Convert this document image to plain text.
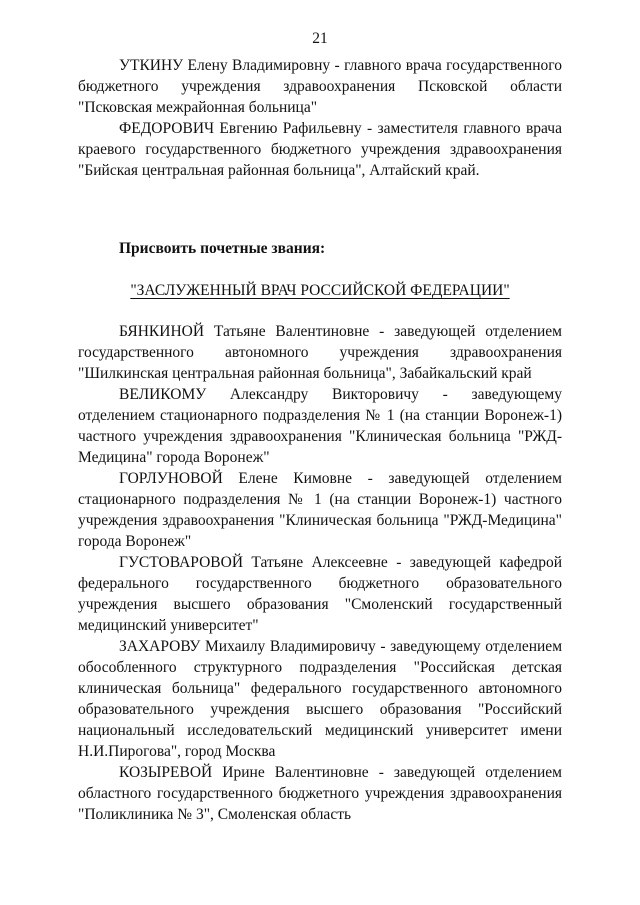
21

УТКИНУ Елену Владимировну - главного врача государственного бюджетного учреждения здравоохранения Псковской области "Псковская межрайонная больница"

ФЕДОРОВИЧ Евгению Рафильевну - заместителя главного врача краевого государственного бюджетного учреждения здравоохранения "Бийская центральная районная больница", Алтайский край.

Присвоить почетные звания:
"ЗАСЛУЖЕННЫЙ ВРАЧ РОССИЙСКОЙ ФЕДЕРАЦИИ"

БЯНКИНОЙ Татьяне Валентиновне - заведующей отделением государственного автономного учреждения здравоохранения "Шилкинская центральная районная больница", Забайкальский край

ВЕЛИКОМУ Александру Викторовичу - заведующему отделением стационарного подразделения № 1 (на станции Воронеж-1) частного учреждения здравоохранения "Клиническая больница "РЖД-Медицина" города Воронеж"

ГОРЛУНОВОЙ Елене Кимовне - заведующей отделением стационарного подразделения № 1 (на станции Воронеж-1) частного учреждения здравоохранения "Клиническая больница "РЖД-Медицина" города Воронеж"

ГУСТОВАРОВОЙ Татьяне Алексеевне - заведующей кафедрой федерального государственного бюджетного образовательного учреждения высшего образования "Смоленский государственный медицинский университет"

ЗАХАРОВУ Михаилу Владимировичу - заведующему отделением обособленного структурного подразделения "Российская детская клиническая больница" федерального государственного автономного образовательного учреждения высшего образования "Российский национальный исследовательский медицинский университет имени Н.И.Пирогова", город Москва

КОЗЫРЕВОЙ Ирине Валентиновне - заведующей отделением областного государственного бюджетного учреждения здравоохранения "Поликлиника № 3", Смоленская область
